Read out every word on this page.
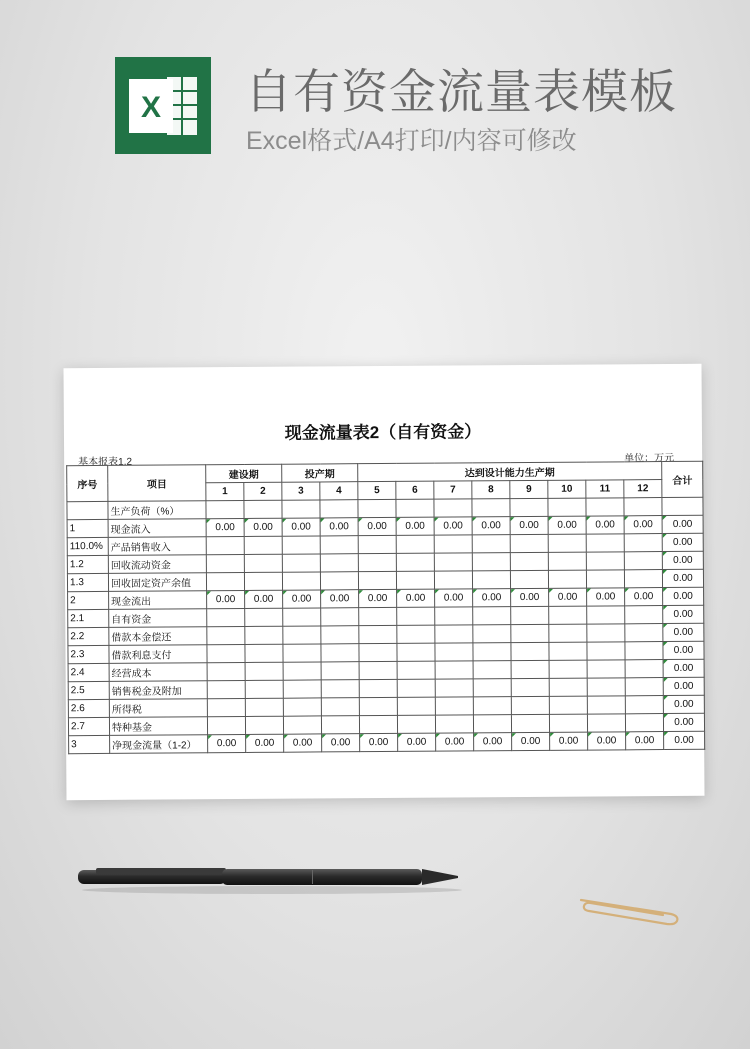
X 自有资金流量表模板
Excel格式/A4打印/内容可修改
现金流量表2（自有资金）
基本报表1.2	单位：万元
序号	项目	建设期		投产期		达到设计能力生产期								合计
		1	2	3	4	5	6	7	8	9	10	11	12	
	生产负荷（%）													
1	现金流入	0.00	0.00	0.00	0.00	0.00	0.00	0.00	0.00	0.00	0.00	0.00	0.00	0.00
110.0%	产品销售收入													0.00
1.2	回收流动资金													0.00
1.3	回收固定资产余值													0.00
2	现金流出	0.00	0.00	0.00	0.00	0.00	0.00	0.00	0.00	0.00	0.00	0.00	0.00	0.00
2.1	自有资金													0.00
2.2	借款本金偿还													0.00
2.3	借款利息支付													0.00
2.4	经营成本													0.00
2.5	销售税金及附加													0.00
2.6	所得税													0.00
2.7	特种基金													0.00
3	净现金流量（1-2）	0.00	0.00	0.00	0.00	0.00	0.00	0.00	0.00	0.00	0.00	0.00	0.00	0.00
